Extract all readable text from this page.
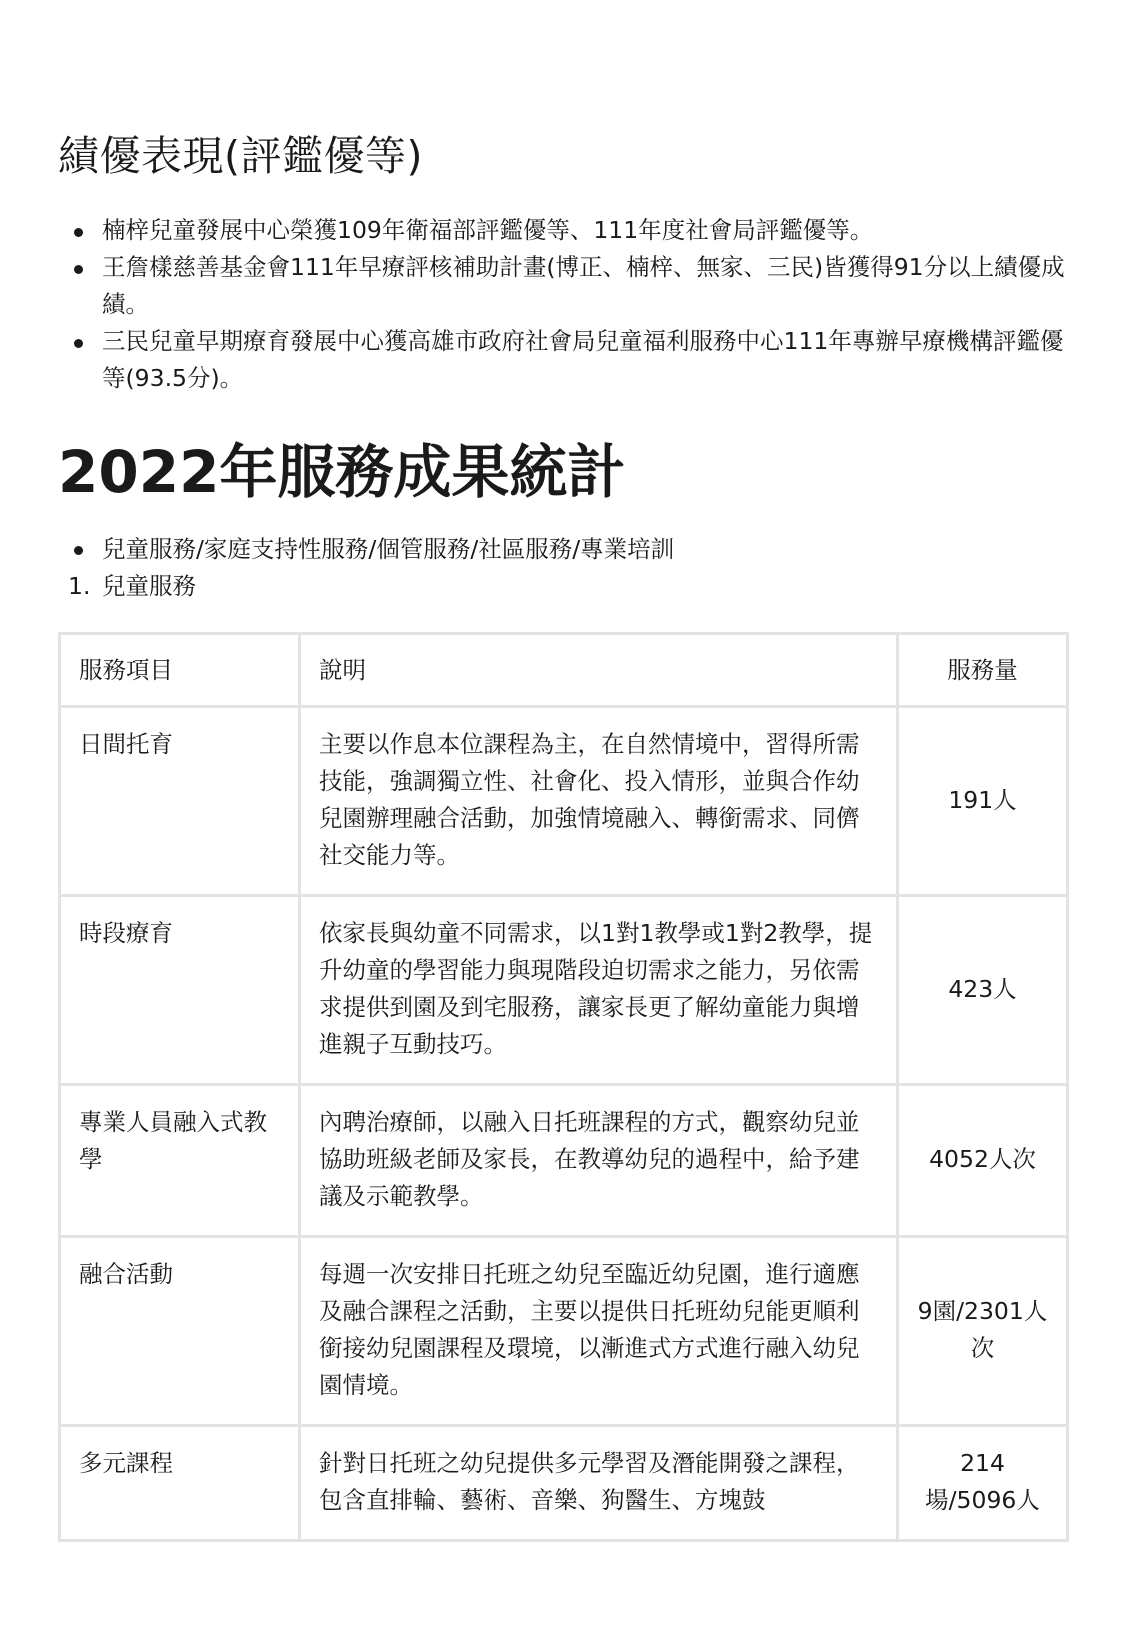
績優表現(評鑑優等)
楠梓兒童發展中心榮獲109年衛福部評鑑優等、111年度社會局評鑑優等。
王詹樣慈善基金會111年早療評核補助計畫(博正、楠梓、無家、三民)皆獲得91分以上績優成績。
三民兒童早期療育發展中心獲高雄市政府社會局兒童福利服務中心111年專辦早療機構評鑑優等(93.5分)。
2022年服務成果統計
兒童服務/家庭支持性服務/個管服務/社區服務/專業培訓
1. 兒童服務
服務項目	說明	服務量
日間托育	主要以作息本位課程為主，在自然情境中，習得所需技能，強調獨立性、社會化、投入情形，並與合作幼兒園辦理融合活動，加強情境融入、轉銜需求、同儕社交能力等。	191人
時段療育	依家長與幼童不同需求，以1對1教學或1對2教學，提升幼童的學習能力與現階段迫切需求之能力，另依需求提供到園及到宅服務，讓家長更了解幼童能力與增進親子互動技巧。	423人
專業人員融入式教學	內聘治療師，以融入日托班課程的方式，觀察幼兒並協助班級老師及家長，在教導幼兒的過程中，給予建議及示範教學。	4052人次
融合活動	每週一次安排日托班之幼兒至臨近幼兒園，進行適應及融合課程之活動，主要以提供日托班幼兒能更順利銜接幼兒園課程及環境，以漸進式方式進行融入幼兒園情境。	9園/2301人次
多元課程	針對日托班之幼兒提供多元學習及潛能開發之課程，包含直排輪、藝術、音樂、狗醫生、方塊鼓	214場/5096人
